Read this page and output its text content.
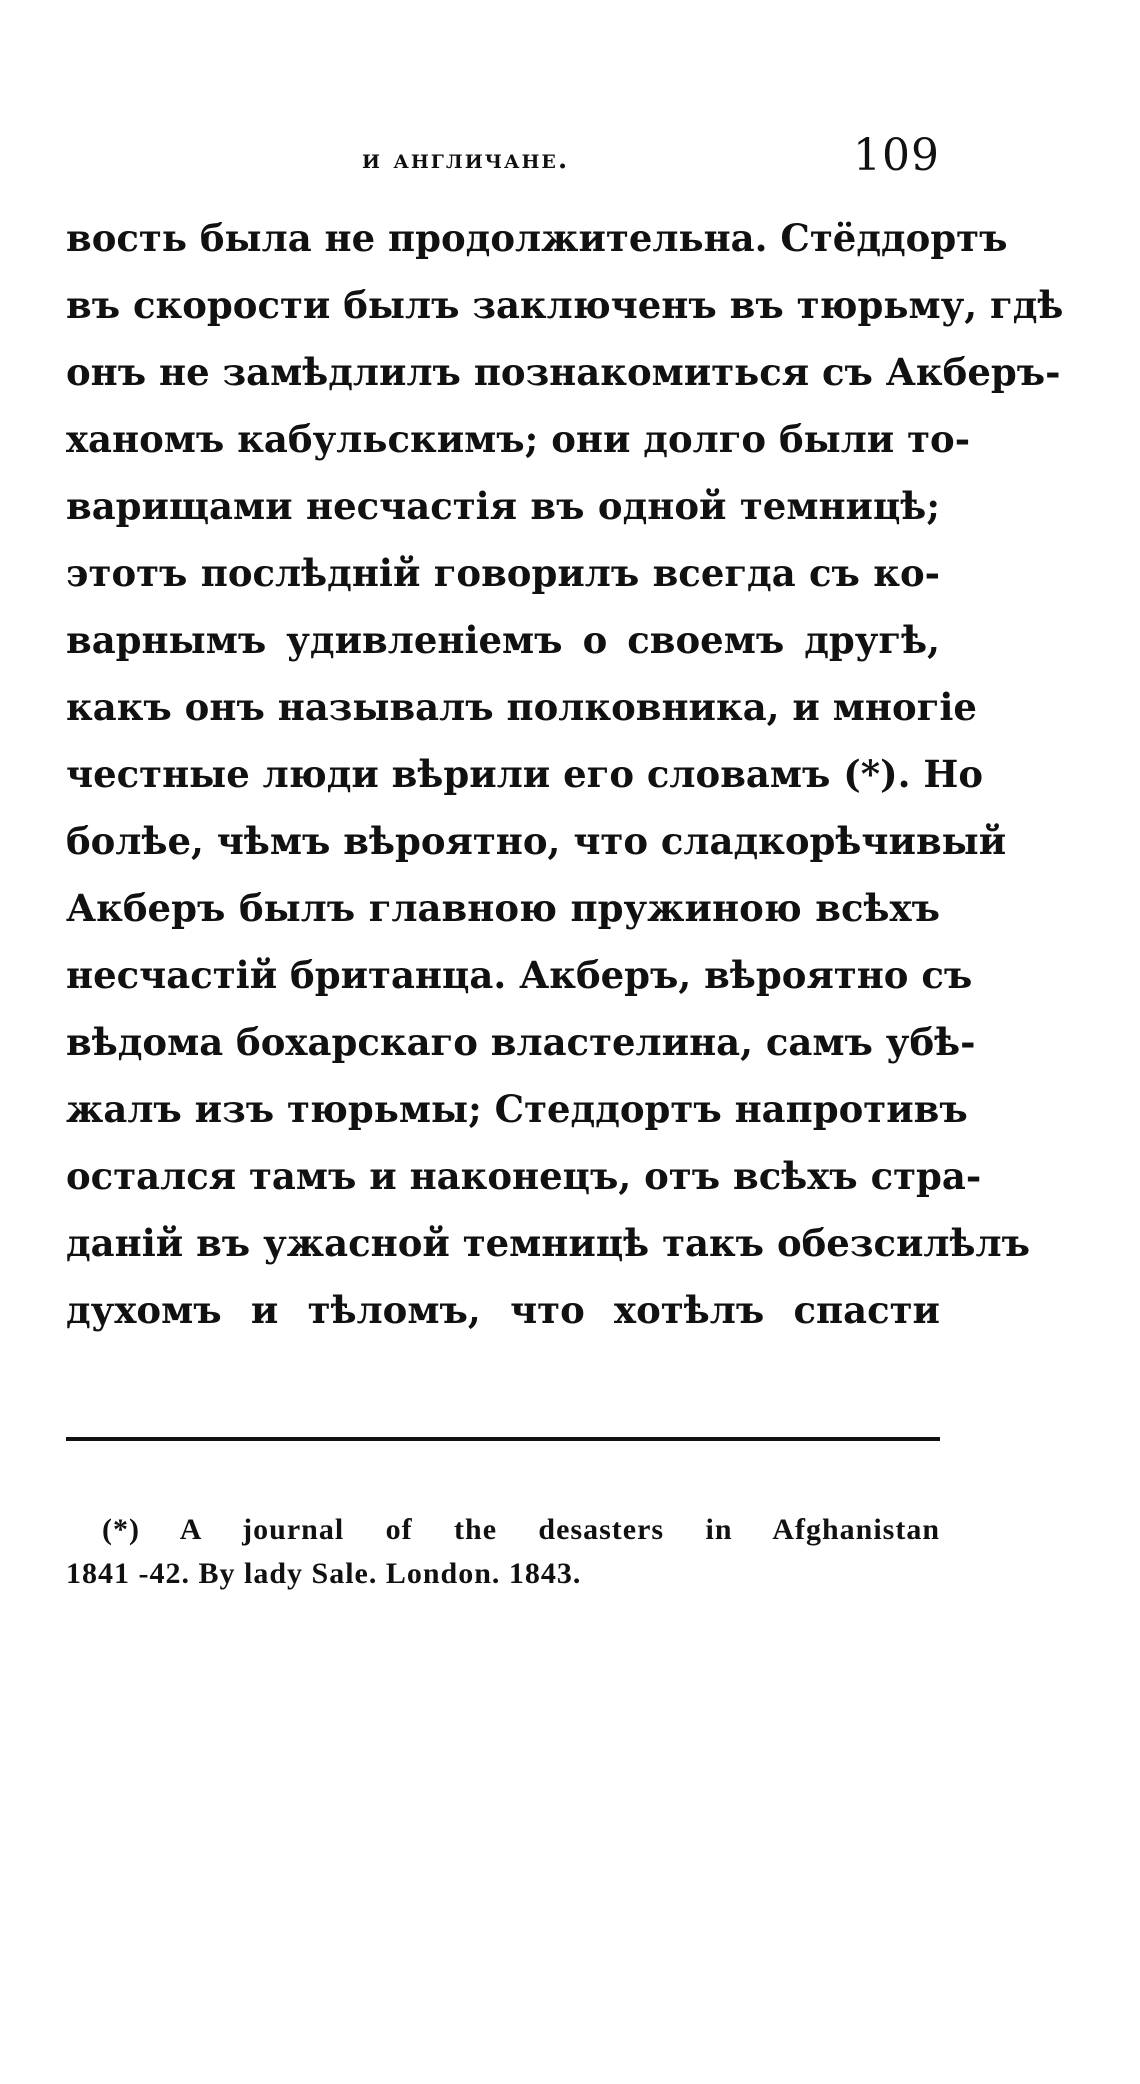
и англичане.	109
вость была не продолжительна. Стёддортъ
въ скорости былъ заключенъ въ тюрьму, гдѣ
онъ не замѣдлилъ познакомиться съ Акберъ-
ханомъ кабульскимъ; они долго были то-
варищами несчастія въ одной темницѣ;
этотъ послѣдній говорилъ всегда съ ко-
варнымъ удивленіемъ о своемъ другѣ,
какъ онъ называлъ полковника, и многіе
честные люди вѣрили его словамъ (*). Но
болѣе, чѣмъ вѣроятно, что сладкорѣчивый
Акберъ былъ главною пружиною всѣхъ
несчастій британца. Акберъ, вѣроятно съ
вѣдома бохарскаго властелина, самъ убѣ-
жалъ изъ тюрьмы; Стеддортъ напротивъ
остался тамъ и наконецъ, отъ всѣхъ стра-
даній въ ужасной темницѣ такъ обезсилѣлъ
духомъ и тѣломъ, что хотѣлъ спасти
(*) A journal of the desasters in Afghanistan
1841 -42. By lady Sale. London. 1843.
